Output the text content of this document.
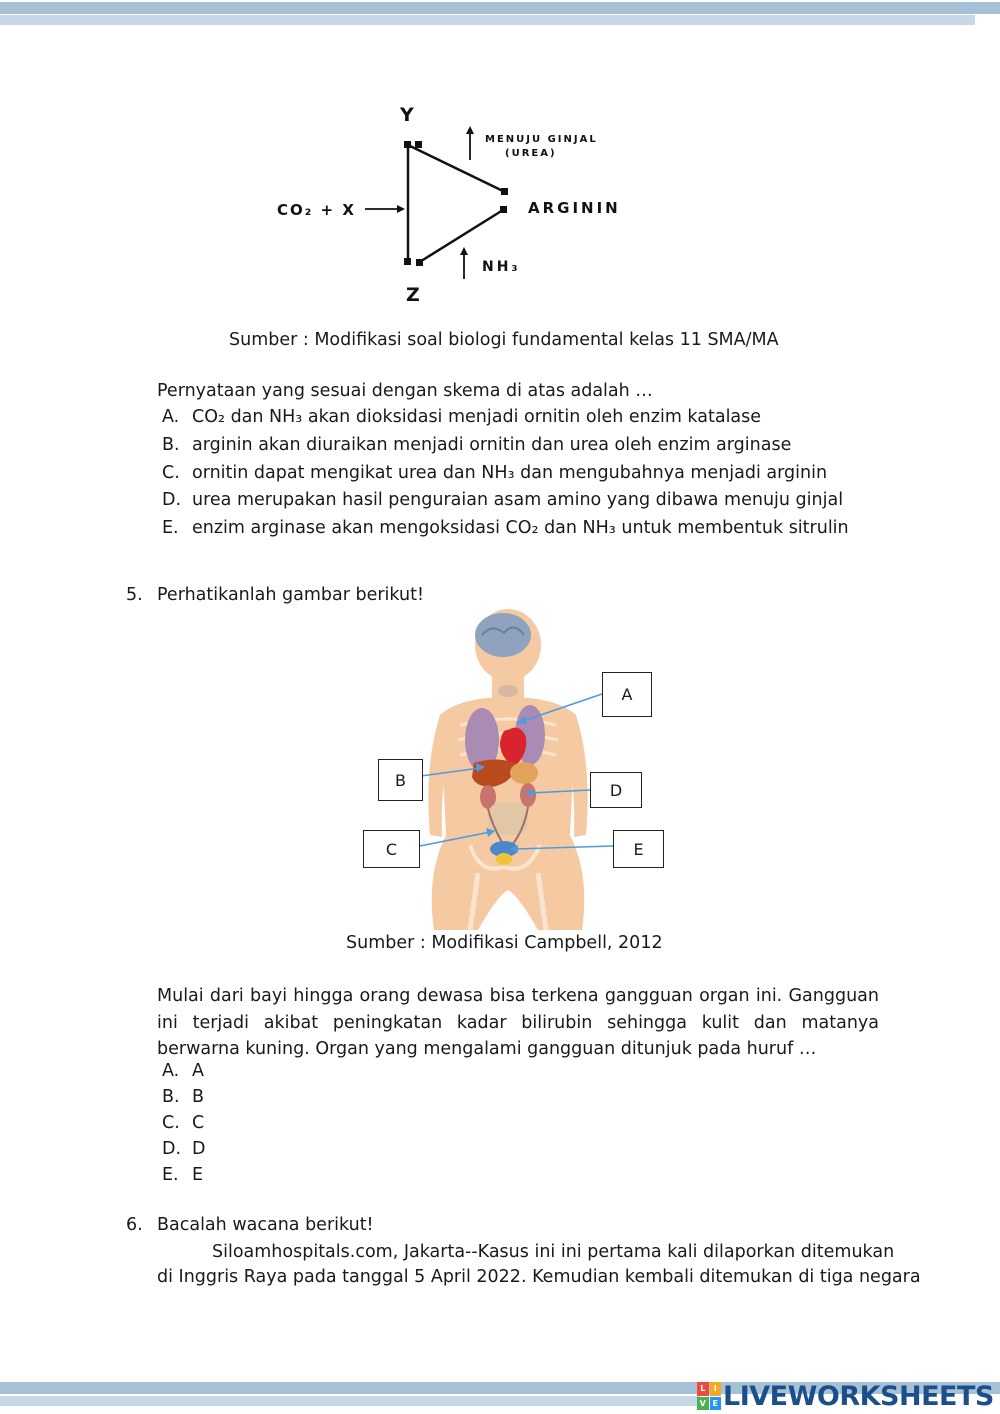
Y
Z
MENUJU GINJAL
(UREA)
CO₂ + X	ARGININ
NH₃
Sumber : Modifikasi soal biologi fundamental kelas 11 SMA/MA
Pernyataan yang sesuai dengan skema di atas adalah …
A. CO₂ dan NH₃ akan dioksidasi menjadi ornitin oleh enzim katalase
B. arginin akan diuraikan menjadi ornitin dan urea oleh enzim arginase
C. ornitin dapat mengikat urea dan NH₃ dan mengubahnya menjadi arginin
D. urea merupakan hasil penguraian asam amino yang dibawa menuju ginjal
E. enzim arginase akan mengoksidasi CO₂ dan NH₃ untuk membentuk sitrulin
5. Perhatikanlah gambar berikut!
A
B
D
C	E
Sumber : Modifikasi Campbell, 2012
Mulai dari bayi hingga orang dewasa bisa terkena gangguan organ ini. Gangguan ini terjadi akibat peningkatan kadar bilirubin sehingga kulit dan matanya berwarna kuning. Organ yang mengalami gangguan ditunjuk pada huruf …
A. A
B. B
C. C
D. D
E. E
6. Bacalah wacana berikut!
Siloamhospitals.com, Jakarta--Kasus ini ini pertama kali dilaporkan ditemukan
di Inggris Raya pada tanggal 5 April 2022. Kemudian kembali ditemukan di tiga negara
L	I
V E LIVEWORKSHEETS
